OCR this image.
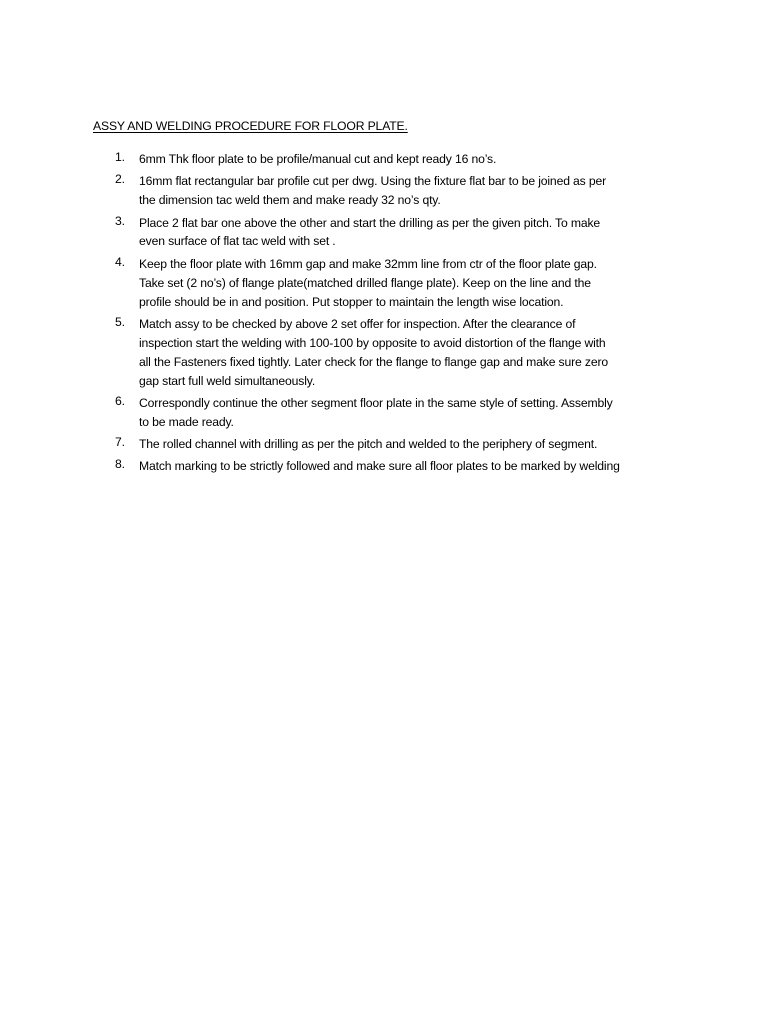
ASSY AND WELDING PROCEDURE FOR FLOOR PLATE.
1. 6mm Thk floor plate to be profile/manual cut and kept ready 16 no’s.
2. 16mm flat rectangular bar profile cut per dwg. Using the fixture flat bar to be joined as per
the dimension tac weld them and make ready 32 no’s qty.
3. Place 2 flat bar one above the other and start the drilling as per the given pitch. To make
even surface of flat tac weld with set .
4. Keep the floor plate with 16mm gap and make 32mm line from ctr of the floor plate gap.
Take set (2 no’s) of flange plate(matched drilled flange plate). Keep on the line and the
profile should be in and position. Put stopper to maintain the length wise location.
5. Match assy to be checked by above 2 set offer for inspection. After the clearance of
inspection start the welding with 100-100 by opposite to avoid distortion of the flange with
all the Fasteners fixed tightly. Later check for the flange to flange gap and make sure zero
gap start full weld simultaneously.
6. Correspondly continue the other segment floor plate in the same style of setting. Assembly
to be made ready.
7. The rolled channel with drilling as per the pitch and welded to the periphery of segment.
8. Match marking to be strictly followed and make sure all floor plates to be marked by welding
